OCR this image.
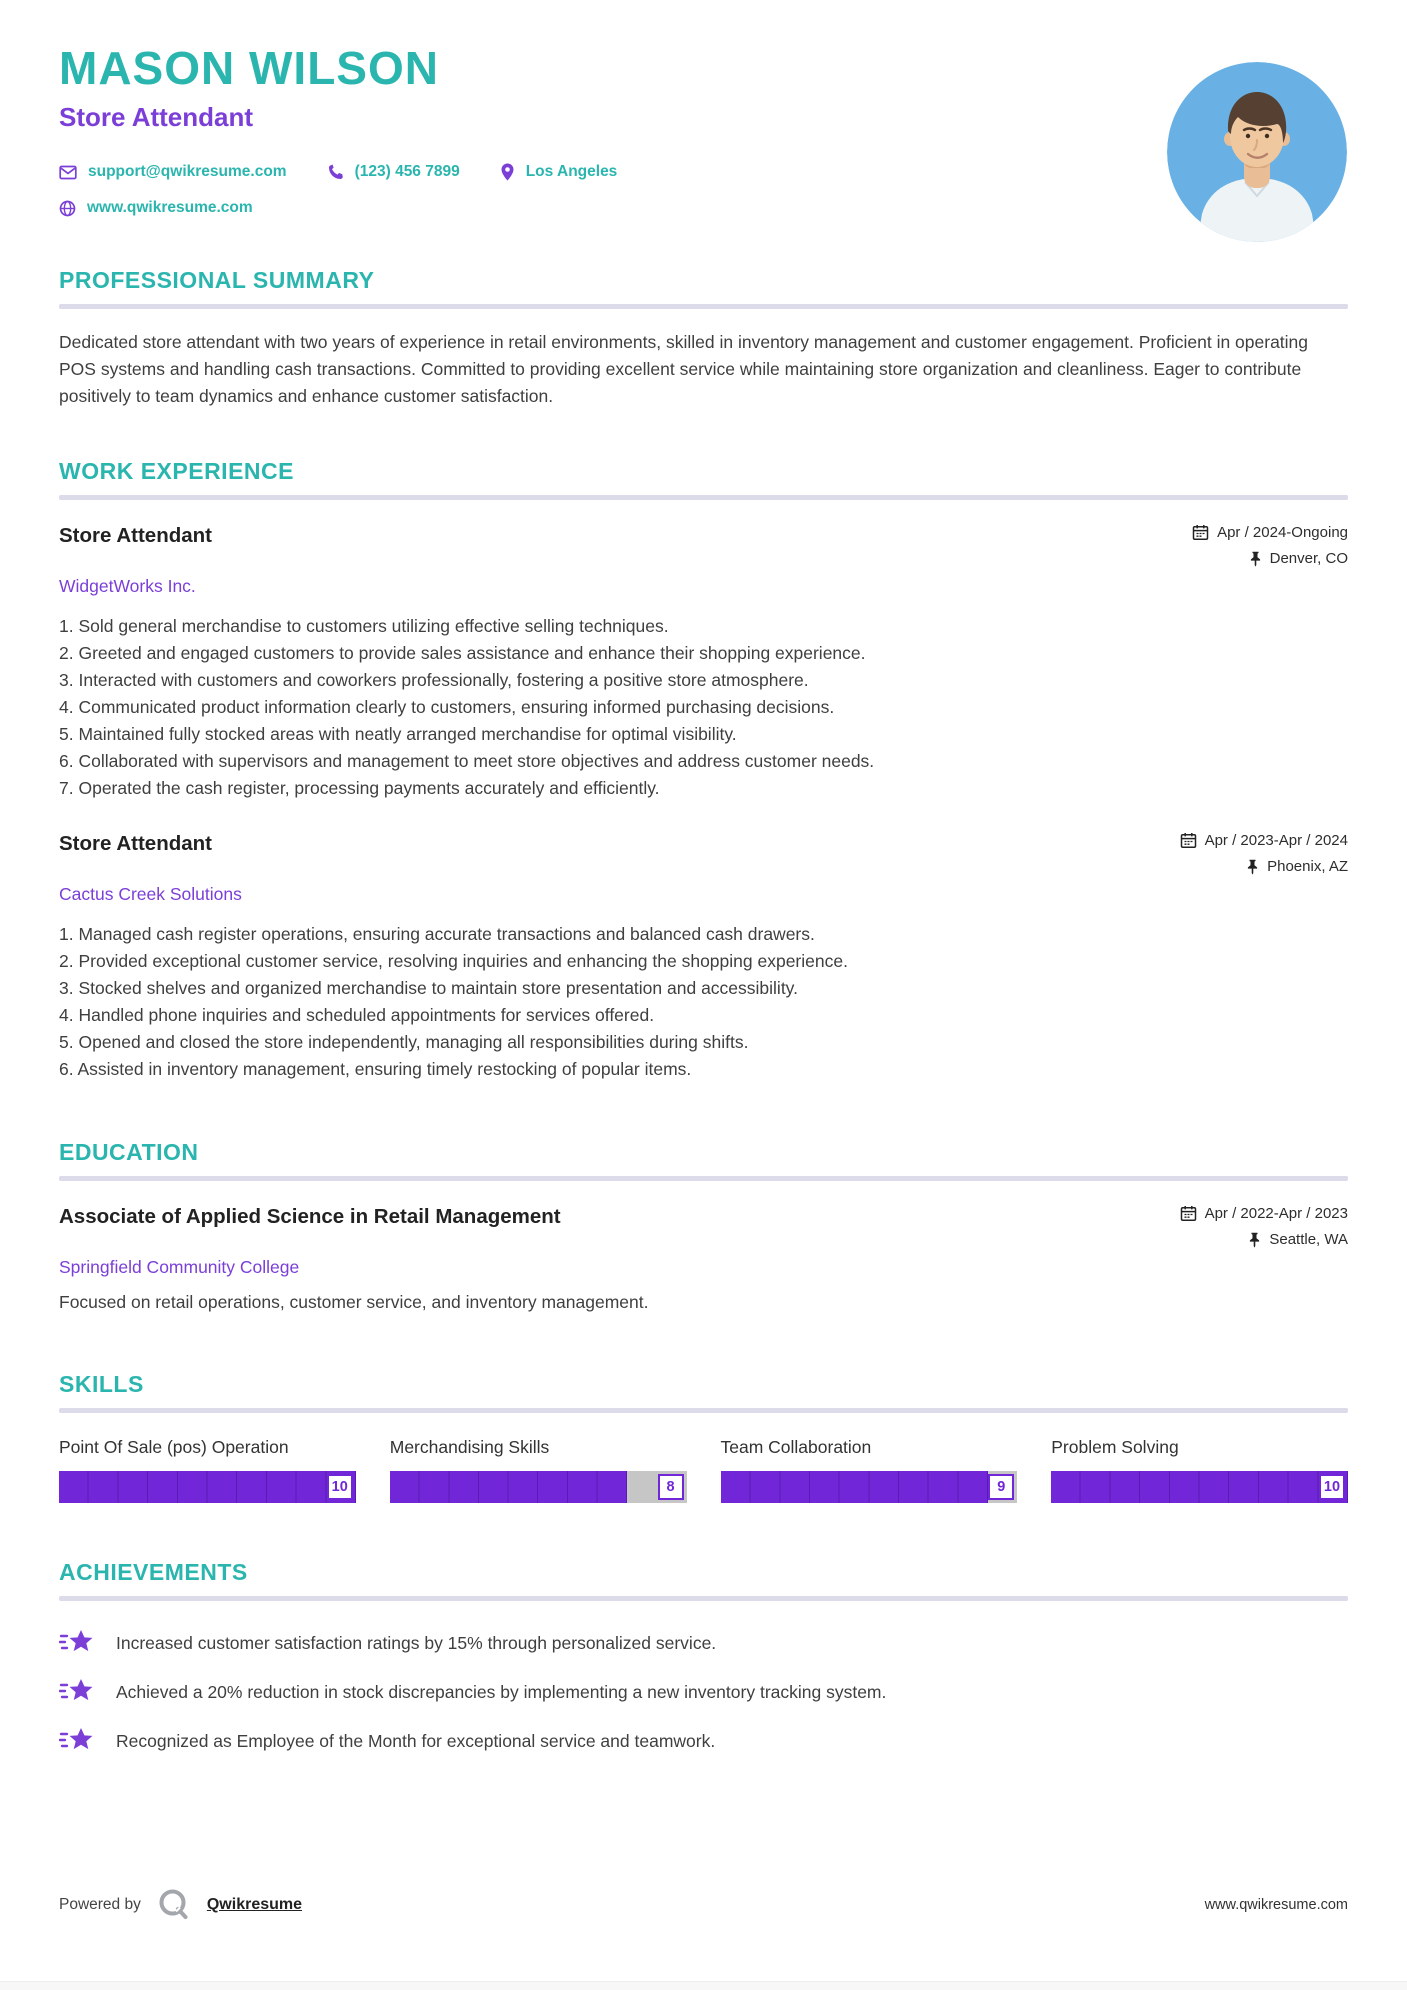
MASON WILSON
Store Attendant
support@qwikresume.com	(123) 456 7899	Los Angeles
www.qwikresume.com
PROFESSIONAL SUMMARY

Dedicated store attendant with two years of experience in retail environments, skilled in inventory management and customer engagement. Proficient in operating POS systems and handling cash transactions. Committed to providing excellent service while maintaining store organization and cleanliness. Eager to contribute positively to team dynamics and enhance customer satisfaction.

WORK EXPERIENCE
Store Attendant	Apr / 2024-Ongoing
Denver, CO
WidgetWorks Inc.
Sold general merchandise to customers utilizing effective selling techniques.
Greeted and engaged customers to provide sales assistance and enhance their shopping experience.
Interacted with customers and coworkers professionally, fostering a positive store atmosphere.
Communicated product information clearly to customers, ensuring informed purchasing decisions.
Maintained fully stocked areas with neatly arranged merchandise for optimal visibility.
Collaborated with supervisors and management to meet store objectives and address customer needs.
Operated the cash register, processing payments accurately and efficiently.
Store Attendant	Apr / 2023-Apr / 2024
Phoenix, AZ
Cactus Creek Solutions
Managed cash register operations, ensuring accurate transactions and balanced cash drawers.
Provided exceptional customer service, resolving inquiries and enhancing the shopping experience.
Stocked shelves and organized merchandise to maintain store presentation and accessibility.
Handled phone inquiries and scheduled appointments for services offered.
Opened and closed the store independently, managing all responsibilities during shifts.
Assisted in inventory management, ensuring timely restocking of popular items.
EDUCATION
Associate of Applied Science in Retail Management	Apr / 2022-Apr / 2023
Seattle, WA
Springfield Community College
Focused on retail operations, customer service, and inventory management.
SKILLS
Point Of Sale (pos) Operation
10
Merchandising Skills
8
Team Collaboration
9
Problem Solving
10
ACHIEVEMENTS
Increased customer satisfaction ratings by 15% through personalized service.
Achieved a 20% reduction in stock discrepancies by implementing a new inventory tracking system.
Recognized as Employee of the Month for exceptional service and teamwork.
Powered by	Qwikresume	www.qwikresume.com
